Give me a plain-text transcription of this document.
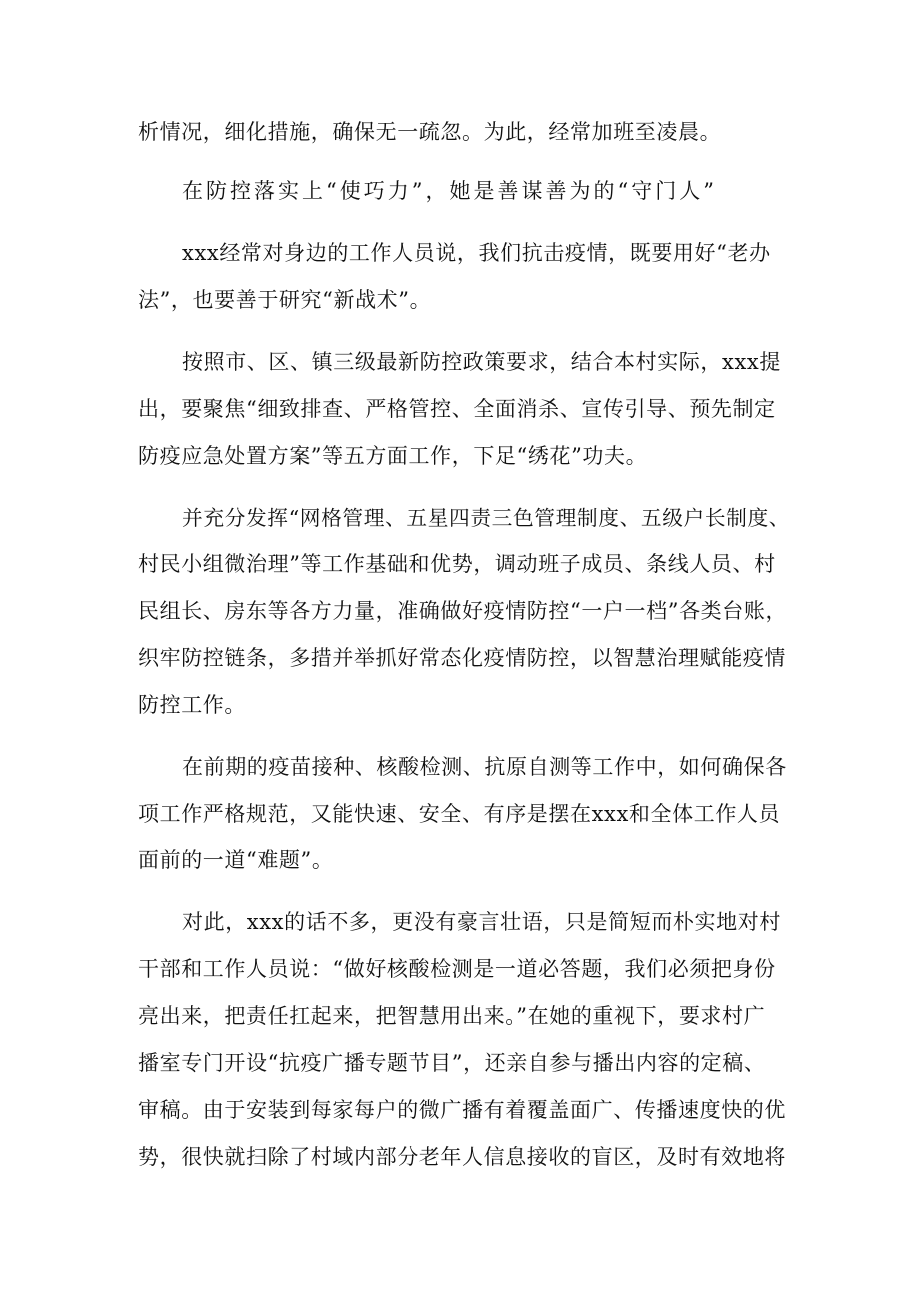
析情况，细化措施，确保无一疏忽。为此，经常加班至凌晨。
在防控落实上“使巧力”，她是善谋善为的“守门人”
xxx经常对身边的工作人员说，我们抗击疫情，既要用好“老办
法”，也要善于研究“新战术”。
按照市、区、镇三级最新防控政策要求，结合本村实际，xxx提
出，要聚焦“细致排查、严格管控、全面消杀、宣传引导、预先制定
防疫应急处置方案”等五方面工作，下足“绣花”功夫。
并充分发挥“网格管理、五星四责三色管理制度、五级户长制度、
村民小组微治理”等工作基础和优势，调动班子成员、条线人员、村
民组长、房东等各方力量，准确做好疫情防控“一户一档”各类台账，
织牢防控链条，多措并举抓好常态化疫情防控，以智慧治理赋能疫情
防控工作。
在前期的疫苗接种、核酸检测、抗原自测等工作中，如何确保各
项工作严格规范，又能快速、安全、有序是摆在xxx和全体工作人员
面前的一道“难题”。
对此，xxx的话不多，更没有豪言壮语，只是简短而朴实地对村
干部和工作人员说：“做好核酸检测是一道必答题，我们必须把身份
亮出来，把责任扛起来，把智慧用出来。”在她的重视下，要求村广
播室专门开设“抗疫广播专题节目”，还亲自参与播出内容的定稿、
审稿。由于安装到每家每户的微广播有着覆盖面广、传播速度快的优
势，很快就扫除了村域内部分老年人信息接收的盲区，及时有效地将
